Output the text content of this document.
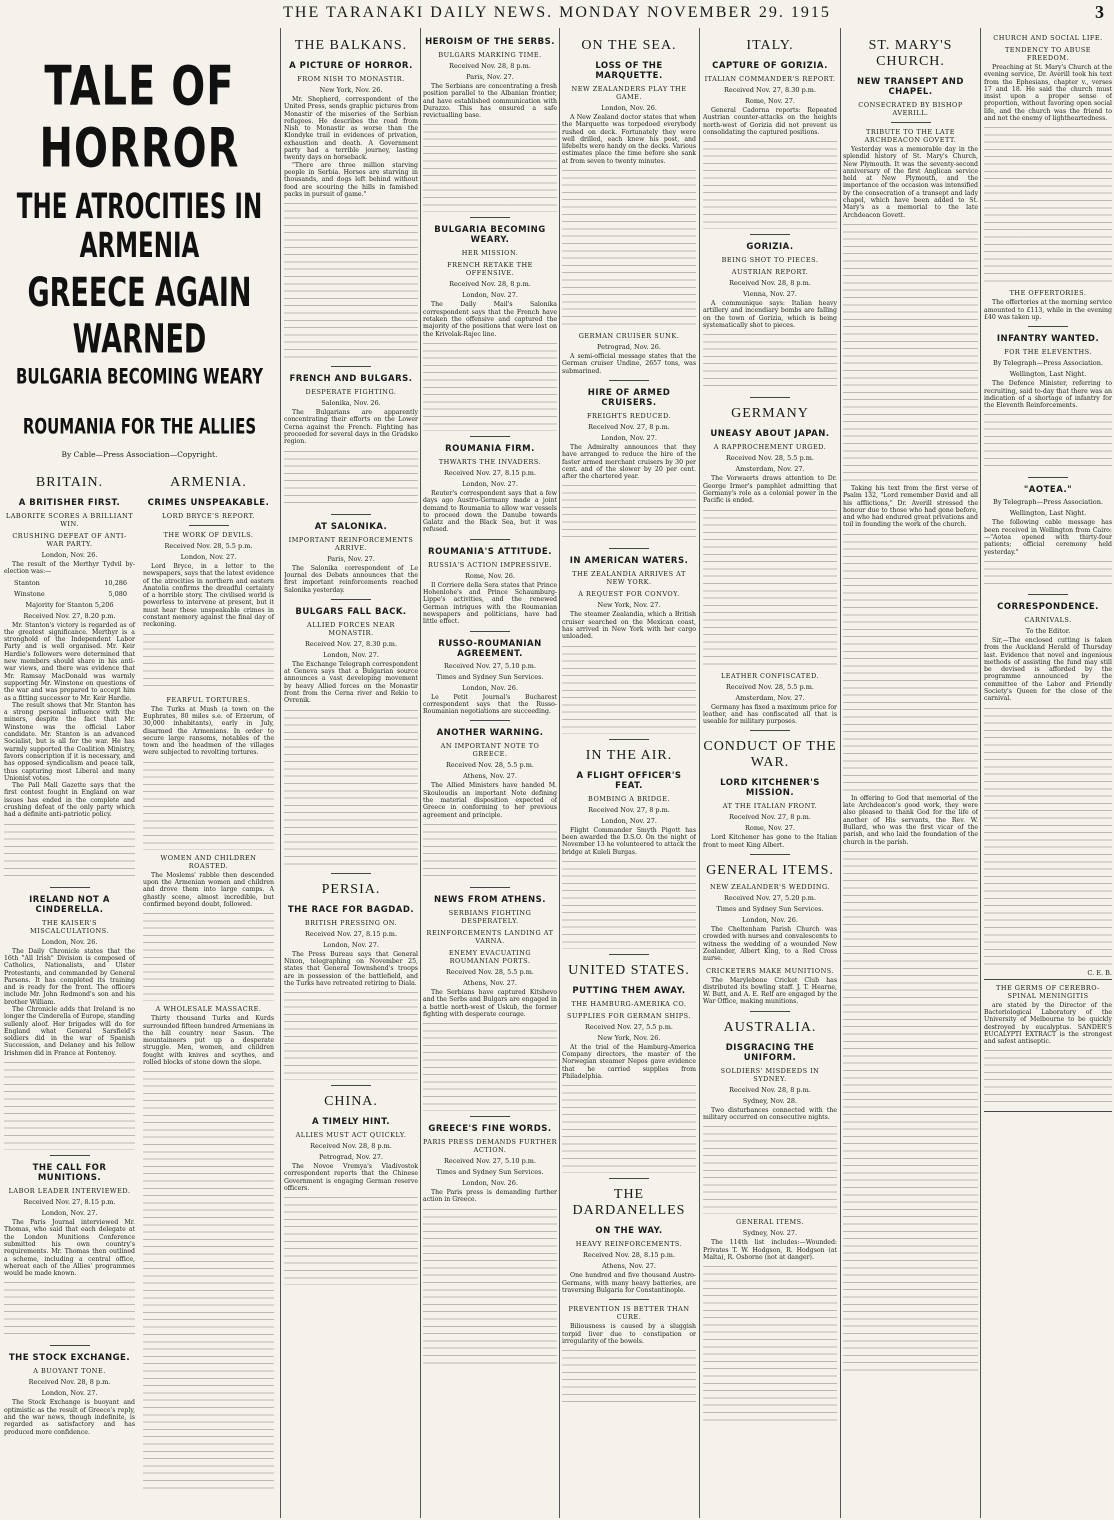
THE TARANAKI DAILY NEWS. MONDAY NOVEMBER 29. 1915	3
TALE OF HORROR
THE ATROCITIES IN ARMENIA
GREECE AGAIN WARNED
BULGARIA BECOMING WEARY
ROUMANIA FOR THE ALLIES
By Cable—Press Association—Copyright.
BRITAIN.
A BRITISHER FIRST.
LABORITE SCORES A BRILLIANT WIN.
CRUSHING DEFEAT OF ANTI-WAR PARTY.
London, Nov. 26.

The result of the Merthyr Tydvil by-election was:—

Stanton	10,286
Winstone	5,080
Majority for Stanton 5,206
Received Nov. 27, 8.20 p.m.

Mr. Stanton's victory is regarded as of the greatest significance. Merthyr is a stronghold of the Independent Labor Party and is well organised. Mr. Keir Hardie's followers were determined that new members should share in his anti-war views, and there was evidence that Mr. Ramsay MacDonald was warmly supporting Mr. Winstone on questions of the war and was prepared to accept him as a fitting successor to Mr. Keir Hardie.

The result shows that Mr. Stanton has a strong personal influence with the miners, despite the fact that Mr. Winstone was the official Labor candidate. Mr. Stanton is an advanced Socialist, but is all for the war. He has warmly supported the Coalition Ministry, favors conscription if it is necessary, and has opposed syndicalism and peace talk, thus capturing most Liberal and many Unionist votes.

The Pall Mall Gazette says that the first contest fought in England on war issues has ended in the complete and crushing defeat of the only party which had a definite anti-patriotic policy.

IRELAND NOT A CINDERELLA.
THE KAISER'S MISCALCULATIONS.
London, Nov. 26.

The Daily Chronicle states that the 16th "All Irish" Division is composed of Catholics, Nationalists, and Ulster Protestants, and commanded by General Parsons. It has completed its training and is ready for the front. The officers include Mr. John Redmond's son and his brother William.

The Chronicle adds that Ireland is no longer the Cinderella of Europe, standing sullenly aloof. Her brigades will do for England what General Sarsfield's soldiers did in the war of Spanish Succession, and Delaney and his fellow Irishmen did in France at Fontenoy.

THE CALL FOR MUNITIONS.
LABOR LEADER INTERVIEWED.
Received Nov. 27, 8.15 p.m.
London, Nov. 27.

The Paris Journal interviewed Mr. Thomas, who said that each delegate at the London Munitions Conference submitted his own country's requirements. Mr. Thomas then outlined a scheme, including a central office, whereat each of the Allies' programmes would be made known.

THE STOCK EXCHANGE.
A BUOYANT TONE.
Received Nov. 28, 8 p.m.
London, Nov. 27.

The Stock Exchange is buoyant and optimistic as the result of Greece's reply, and the war news, though indefinite, is regarded as satisfactory and has produced more confidence.

ARMENIA.
CRIMES UNSPEAKABLE.
LORD BRYCE'S REPORT.
THE WORK OF DEVILS.
Received Nov. 28, 5.5 p.m.
London, Nov. 27.

Lord Bryce, in a letter to the newspapers, says that the latest evidence of the atrocities in northern and eastern Anatolia confirms the dreadful certainty of a horrible story. The civilised world is powerless to intervene at present, but it must hear these unspeakable crimes in constant memory against the final day of reckoning.

FEARFUL TORTURES.

The Turks at Mush (a town on the Euphrates, 80 miles s.e. of Erzerum, of 30,000 inhabitants), early in July, disarmed the Armenians. In order to secure large ransoms, notables of the town and the headmen of the villages were subjected to revolting tortures.

WOMEN AND CHILDREN ROASTED.

The Moslems' rabble then descended upon the Armenian women and children and drove them into large camps. A ghastly scene, almost incredible, but confirmed beyond doubt, followed.

A WHOLESALE MASSACRE.

Thirty thousand Turks and Kurds surrounded fifteen hundred Armenians in the hill country near Sasun. The mountaineers put up a desperate struggle. Men, women, and children fought with knives and scythes, and rolled blocks of stone down the slope.

THE BALKANS.
A PICTURE OF HORROR.
FROM NISH TO MONASTIR.
New York, Nov. 26.

Mr. Shepherd, correspondent of the United Press, sends graphic pictures from Monastir of the miseries of the Serbian refugees. He describes the road from Nish to Monastir as worse than the Klondyke trail in evidences of privation, exhaustion and death. A Government party had a terrible journey, lasting twenty days on horseback.

"There are three million starving people in Serbia. Horses are starving in thousands, and dogs left behind without food are scouring the hills in famished packs in pursuit of game."

FRENCH AND BULGARS.
DESPERATE FIGHTING.
Salonika, Nov. 26.

The Bulgarians are apparently concentrating their efforts on the Lower Cerna against the French. Fighting has proceeded for several days in the Gradsko region.

AT SALONIKA.
IMPORTANT REINFORCEMENTS ARRIVE.
Paris, Nov. 27.

The Salonika correspondent of Le Journal des Debats announces that the first important reinforcements reached Salonika yesterday.

BULGARS FALL BACK.
ALLIED FORCES NEAR MONASTIR.
Received Nov. 27, 8.30 p.m.
London, Nov. 27.

The Exchange Telegraph correspondent at Geneva says that a Bulgarian source announces a vast developing movement by heavy Allied forces on the Monastir front from the Cerna river and Rekio to Ovrenik.

PERSIA.
THE RACE FOR BAGDAD.
BRITISH PRESSING ON.
Received Nov. 27, 8.15 p.m.
London, Nov. 27.

The Press Bureau says that General Nixon, telegraphing on November 25, states that General Townshend's troops are in possession of the battlefield, and the Turks have retreated retiring to Diala.

CHINA.
A TIMELY HINT.
ALLIES MUST ACT QUICKLY.
Received Nov. 28, 8 p.m.
Petrograd, Nov. 27.

The Novoe Vremya's Vladivostok correspondent reports that the Chinese Government is engaging German reserve officers.

HEROISM OF THE SERBS.
BULGARS MARKING TIME.
Received Nov. 28, 8 p.m.
Paris, Nov. 27.

The Serbians are concentrating a fresh position parallel to the Albanian frontier, and have established communication with Durazzo. This has ensured a safe revictualling base.

BULGARIA BECOMING WEARY.
HER MISSION.
FRENCH RETAKE THE OFFENSIVE.
Received Nov. 28, 8 p.m.
London, Nov. 27.

The Daily Mail's Salonika correspondent says that the French have retaken the offensive and captured the majority of the positions that were lost on the Krivolak-Rajec line.

ROUMANIA FIRM.
THWARTS THE INVADERS.
Received Nov. 27, 8.15 p.m.
London, Nov. 27.

Reuter's correspondent says that a few days ago Austro-Germany made a joint demand to Roumania to allow war vessels to proceed down the Danube towards Galatz and the Black Sea, but it was refused.

ROUMANIA'S ATTITUDE.
RUSSIA'S ACTION IMPRESSIVE.
Rome, Nov. 26.

Il Corriere della Sera states that Prince Hohenlohe's and Prince Schaumburg-Lippe's activities, and the renewed German intrigues with the Roumanian newspapers and politicians, have had little effect.

RUSSO-ROUMANIAN AGREEMENT.
Received Nov. 27, 5.10 p.m.
Times and Sydney Sun Services.
London, Nov. 26.

Le Petit Journal's Bucharest correspondent says that the Russo-Roumanian negotiations are succeeding.

ANOTHER WARNING.
AN IMPORTANT NOTE TO GREECE.
Received Nov. 28, 5.5 p.m.
Athens, Nov. 27.

The Allied Ministers have handed M. Skouloudis an important Note defining the material disposition expected of Greece in conforming to her previous agreement and principle.

NEWS FROM ATHENS.
SERBIANS FIGHTING DESPERATELY.
REINFORCEMENTS LANDING AT VARNA.
ENEMY EVACUATING ROUMANIAN PORTS.
Received Nov. 28, 5.5 p.m.
Athens, Nov. 27.

The Serbians have captured Kitshevo and the Serbs and Bulgars are engaged in a battle north-west of Uskub, the former fighting with desperate courage.

GREECE'S FINE WORDS.
PARIS PRESS DEMANDS FURTHER ACTION.
Received Nov. 27, 5.10 p.m.
Times and Sydney Sun Services.
London, Nov. 26.

The Paris press is demanding further action in Greece.

ON THE SEA.
LOSS OF THE MARQUETTE.
NEW ZEALANDERS PLAY THE GAME.
London, Nov. 26.

A New Zealand doctor states that when the Marquette was torpedoed everybody rushed on deck. Fortunately they were well drilled, each knew his post, and lifebelts were handy on the decks. Various estimates place the time before she sank at from seven to twenty minutes.

GERMAN CRUISER SUNK.
Petrograd, Nov. 26.

A semi-official message states that the German cruiser Undine, 2657 tons, was submarined.

HIRE OF ARMED CRUISERS.
FREIGHTS REDUCED.
Received Nov. 27, 8 p.m.
London, Nov. 27.

The Admiralty announces that they have arranged to reduce the hire of the faster armed merchant cruisers by 30 per cent. and of the slower by 20 per cent. after the chartered year.

IN AMERICAN WATERS.
THE ZEALANDIA ARRIVES AT NEW YORK.
A REQUEST FOR CONVOY.
New York, Nov. 27.

The steamer Zealandia, which a British cruiser searched on the Mexican coast, has arrived in New York with her cargo unloaded.

IN THE AIR.
A FLIGHT OFFICER'S FEAT.
BOMBING A BRIDGE.
Received Nov. 27, 8 p.m.
London, Nov. 27.

Flight Commander Smyth Pigott has been awarded the D.S.O. On the night of November 13 he volunteered to attack the bridge at Kuleli Burgas.

UNITED STATES.
PUTTING THEM AWAY.
THE HAMBURG-AMERIKA CO.
SUPPLIES FOR GERMAN SHIPS.
Received Nov. 27, 5.5 p.m.
New York, Nov. 26.

At the trial of the Hamburg-America Company directors, the master of the Norwegian steamer Nepos gave evidence that he carried supplies from Philadelphia.

THE DARDANELLES
ON THE WAY.
HEAVY REINFORCEMENTS.
Received Nov. 28, 8.15 p.m.
Athens, Nov. 27.

One hundred and five thousand Austro-Germans, with many heavy batteries, are traversing Bulgaria for Constantinople.

PREVENTION IS BETTER THAN CURE.

Biliousness is caused by a sluggish torpid liver due to constipation or irregularity of the bowels.

ITALY.
CAPTURE OF GORIZIA.
ITALIAN COMMANDER'S REPORT.
Received Nov. 27, 8.30 p.m.
Rome, Nov. 27.

General Cadorna reports: Repeated Austrian counter-attacks on the heights north-west of Gorizia did not prevent us consolidating the captured positions.

GORIZIA.
BEING SHOT TO PIECES.
AUSTRIAN REPORT.
Received Nov. 28, 8 p.m.
Vienna, Nov. 27.

A communique says: Italian heavy artillery and incendiary bombs are falling on the town of Gorizia, which is being systematically shot to pieces.

GERMANY
UNEASY ABOUT JAPAN.
A RAPPROCHEMENT URGED.
Received Nov. 28, 5.5 p.m.
Amsterdam, Nov. 27.

The Vorwaerts draws attention to Dr. George Irmer's pamphlet admitting that Germany's role as a colonial power in the Pacific is ended.

LEATHER CONFISCATED.
Received Nov. 28, 5.5 p.m.
Amsterdam, Nov. 27.

Germany has fixed a maximum price for leather, and has confiscated all that is useable for military purposes.

CONDUCT OF THE WAR.
LORD KITCHENER'S MISSION.
AT THE ITALIAN FRONT.
Received Nov. 27, 8 p.m.
Rome, Nov. 27.

Lord Kitchener has gone to the Italian front to meet King Albert.

GENERAL ITEMS.
NEW ZEALANDER'S WEDDING.
Received Nov. 27, 5.20 p.m.
Times and Sydney Sun Services.
London, Nov. 26.

The Cheltenham Parish Church was crowded with nurses and convalescents to witness the wedding of a wounded New Zealander, Albert King, to a Red Cross nurse.

CRICKETERS MAKE MUNITIONS.

The Marylebone Cricket Club has distributed its bowling staff. J. T. Hearne, W. Butt, and A. E. Relf are engaged by the War Office, making munitions.

AUSTRALIA.
DISGRACING THE UNIFORM.
SOLDIERS' MISDEEDS IN SYDNEY.
Received Nov. 28, 8 p.m.
Sydney, Nov. 28.

Two disturbances connected with the military occurred on consecutive nights.

GENERAL ITEMS.
Sydney, Nov. 27.

The 114th list includes:—Wounded: Privates T. W. Hodgson, R. Hodgson (at Malta), R. Osborne (not at danger).

ST. MARY'S CHURCH.
NEW TRANSEPT AND CHAPEL.
CONSECRATED BY BISHOP AVERILL.
TRIBUTE TO THE LATE ARCHDEACON GOVETT.

Yesterday was a memorable day in the splendid history of St. Mary's Church, New Plymouth. It was the seventy-second anniversary of the first Anglican service held at New Plymouth, and the importance of the occasion was intensified by the consecration of a transept and lady chapel, which have been added to St. Mary's as a memorial to the late Archdeacon Govett.

Taking his text from the first verse of Psalm 132, "Lord remember David and all his afflictions," Dr. Averill stressed the honour due to those who had gone before, and who had endured great privations and toil in founding the work of the church.

In offering to God that memorial of the late Archdeacon's good work, they were also pleased to thank God for the life of another of His servants, the Rev. W. Bullard, who was the first vicar of the parish, and who laid the foundation of the church in the parish.

CHURCH AND SOCIAL LIFE.
TENDENCY TO ABUSE FREEDOM.

Preaching at St. Mary's Church at the evening service, Dr. Averill took his text from the Ephesians, chapter v., verses 17 and 18. He said the church must insist upon a proper sense of proportion, without favoring open social life, and the church was the friend to and not the enemy of lightheartedness.

THE OFFERTORIES.

The offertories at the morning service amounted to £113, while in the evening £40 was taken up.

INFANTRY WANTED.
FOR THE ELEVENTHS.
By Telegraph—Press Association.
Wellington, Last Night.

The Defence Minister, referring to recruiting, said to-day that there was an indication of a shortage of infantry for the Eleventh Reinforcements.

"AOTEA."
By Telegraph—Press Association.
Wellington, Last Night.

The following cable message has been received in Wellington from Cairo:—"Aotea opened with thirty-four patients; official ceremony held yesterday."

CORRESPONDENCE.
CARNIVALS.
To the Editor.

Sir,—The enclosed cutting is taken from the Auckland Herald of Thursday last. Evidence that novel and ingenious methods of assisting the fund may still be devised is afforded by the programme announced by the committee of the Labor and Friendly Society's Queen for the close of the carnival.

C. E. B.
THE GERMS OF CEREBRO-SPINAL MENINGITIS

are stated by the Director of the Bacteriological Laboratory of the University of Melbourne to be quickly destroyed by eucalyptus. SANDER'S EUCALYPTI EXTRACT is the strongest and safest antiseptic.
